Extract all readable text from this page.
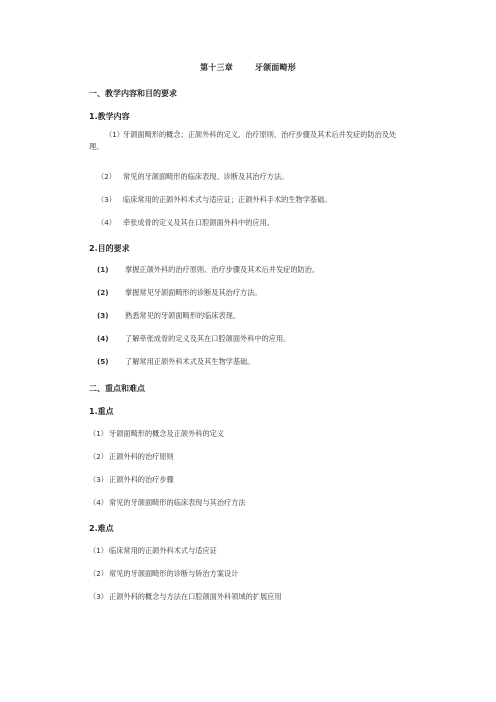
第十三章	牙颌面畸形
一、教学内容和目的要求
1.教学内容
（1）牙颌面畸形的概念；正颌外科的定义、治疗原则、治疗步骤及其术后并发症的防治及处理。
（2） 常见的牙颌面畸形的临床表现、诊断及其治疗方法。
（3） 临床常用的正颌外科术式与适应证；正颌外科手术的生物学基础。
（4） 牵张成骨的定义及其在口腔颌面外科中的应用。
2.目的要求
(1) 掌握正颌外科的治疗原则、治疗步骤及其术后并发症的防治。
(2) 掌握常见牙颌面畸形的诊断及其治疗方法。
(3) 熟悉常见的牙颌面畸形的临床表现。
(4) 了解牵张成骨的定义及其在口腔颌面外科中的应用。
(5) 了解常用正颌外科术式及其生物学基础。
二、重点和难点
1.重点
（1）牙颌面畸形的概念及正颌外科的定义
（2）正颌外科的治疗原则
（3）正颌外科的治疗步骤
（4）常见的牙颌面畸形的临床表现与其治疗方法
2.难点
（1）临床常用的正颌外科术式与适应证
（2）常见的牙颌面畸形的诊断与矫治方案设计
（3）正颌外科的概念与方法在口腔颌面外科领域的扩展应用
